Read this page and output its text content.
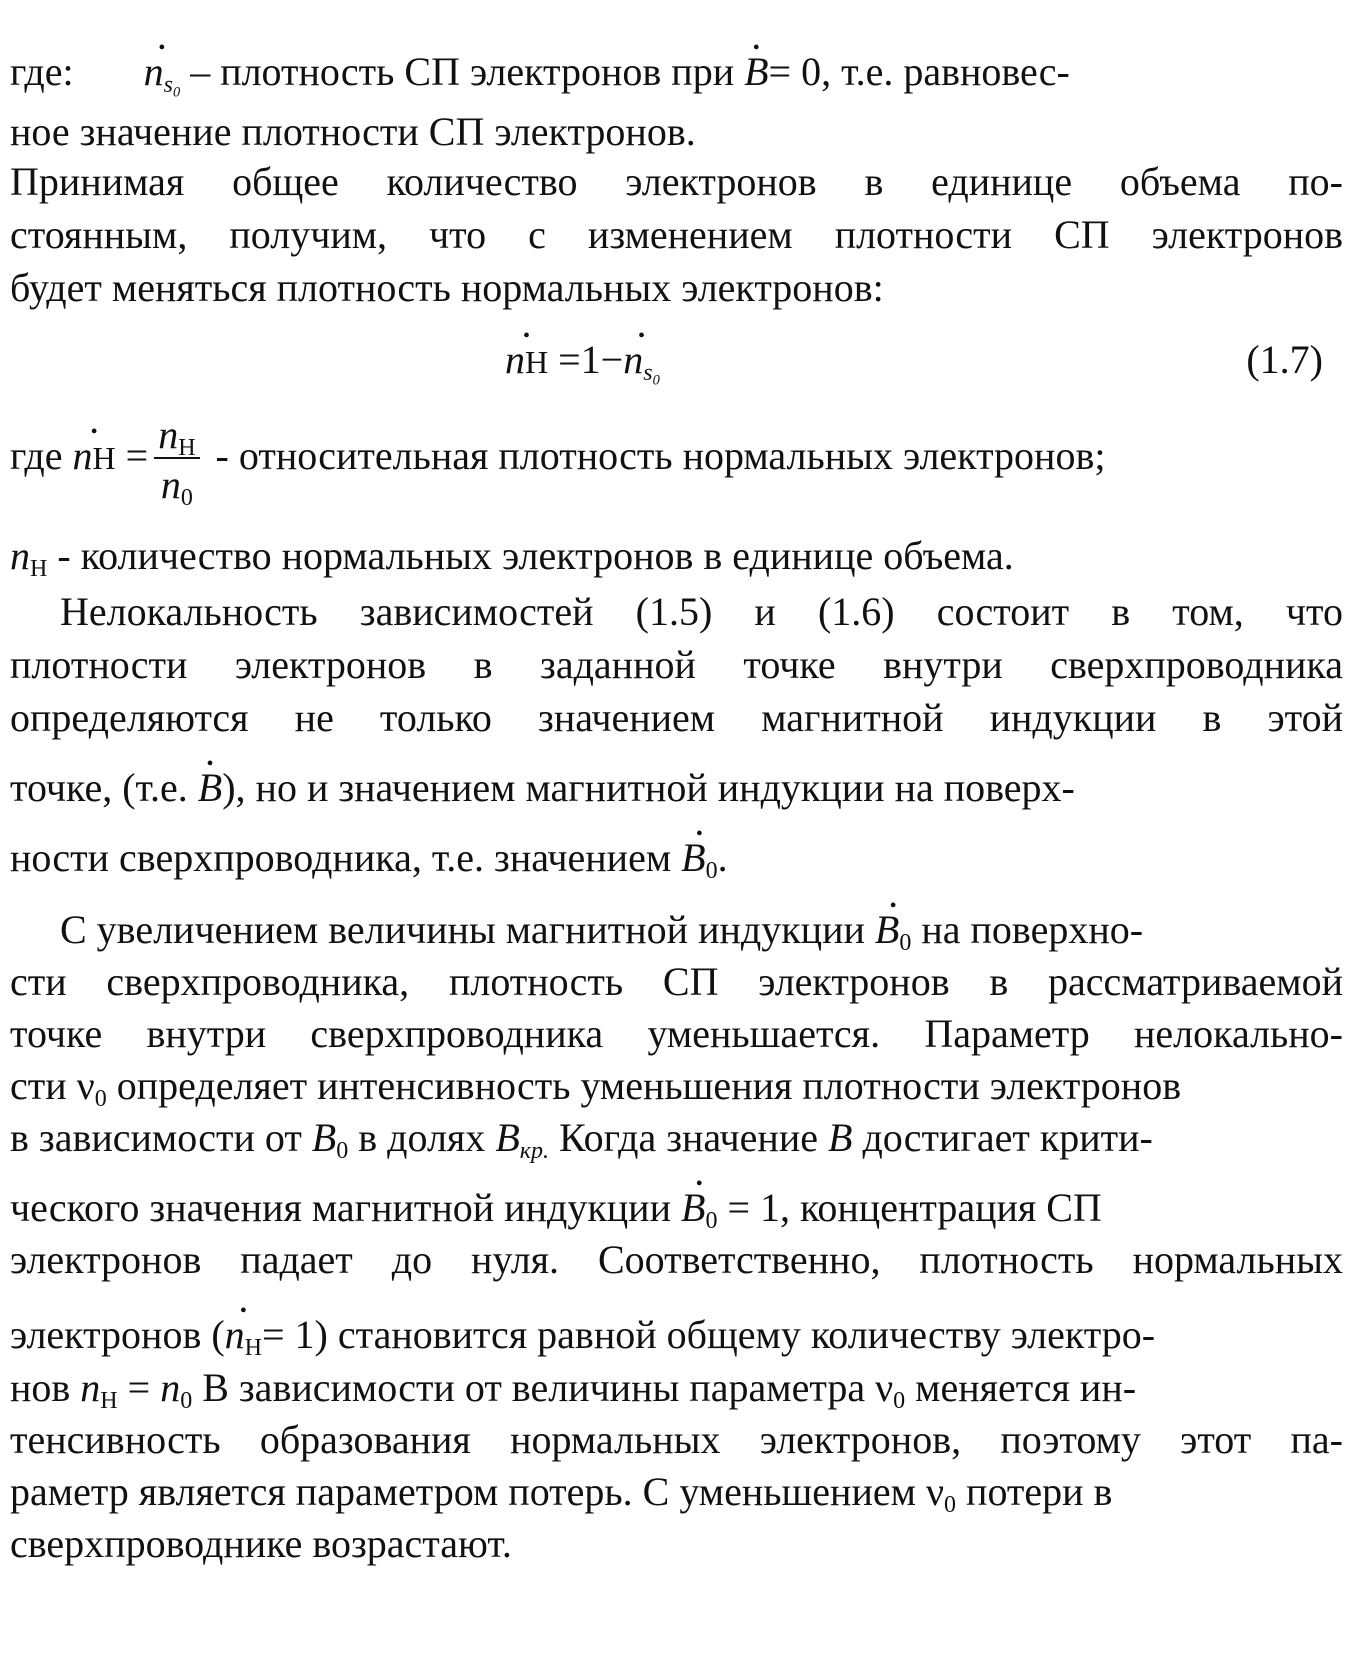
где: • $n_{s_0}$ – плотность СП электронов при • B= 0, т.е. равновес-
ное значение плотности СП электронов.
Принимая общее количество электронов в единице объема по-
стоянным, получим, что с изменением плотности СП электронов
будет меняться плотность нормальных электронов:
• nН =1−• $n_{s_0}$	(1.7)
где • nН = $\frac{n_Н}{n_0}$ - относительная плотность нормальных электронов;
$n_Н$ - количество нормальных электронов в единице объема.
Нелокальность зависимостей (1.5) и (1.6) состоит в том, что
плотности электронов в заданной точке внутри сверхпроводника
определяются не только значением магнитной индукции в этой
точке, (т.е. • B), но и значением магнитной индукции на поверх-
ности сверхпроводника, т.е. значением • $B_0$.
С увеличением величины магнитной индукции • $B_0$ на поверхно-
сти сверхпроводника, плотность СП электронов в рассматриваемой
точке внутри сверхпроводника уменьшается. Параметр нелокально-
сти $\nu_0$ определяет интенсивность уменьшения плотности электронов
в зависимости от $B_0$ в долях $B_{кр.}$ Когда значение B достигает крити-
ческого значения магнитной индукции • $B_0 = 1$, концентрация СП
электронов падает до нуля. Соответственно, плотность нормальных
электронов (• $n_Н= 1$) становится равной общему количеству электро-
нов $n_Н = n_0$ В зависимости от величины параметра $\nu_0$ меняется ин-
тенсивность образования нормальных электронов, поэтому этот па-
раметр является параметром потерь. С уменьшением $\nu_0$ потери в
сверхпроводнике возрастают.
